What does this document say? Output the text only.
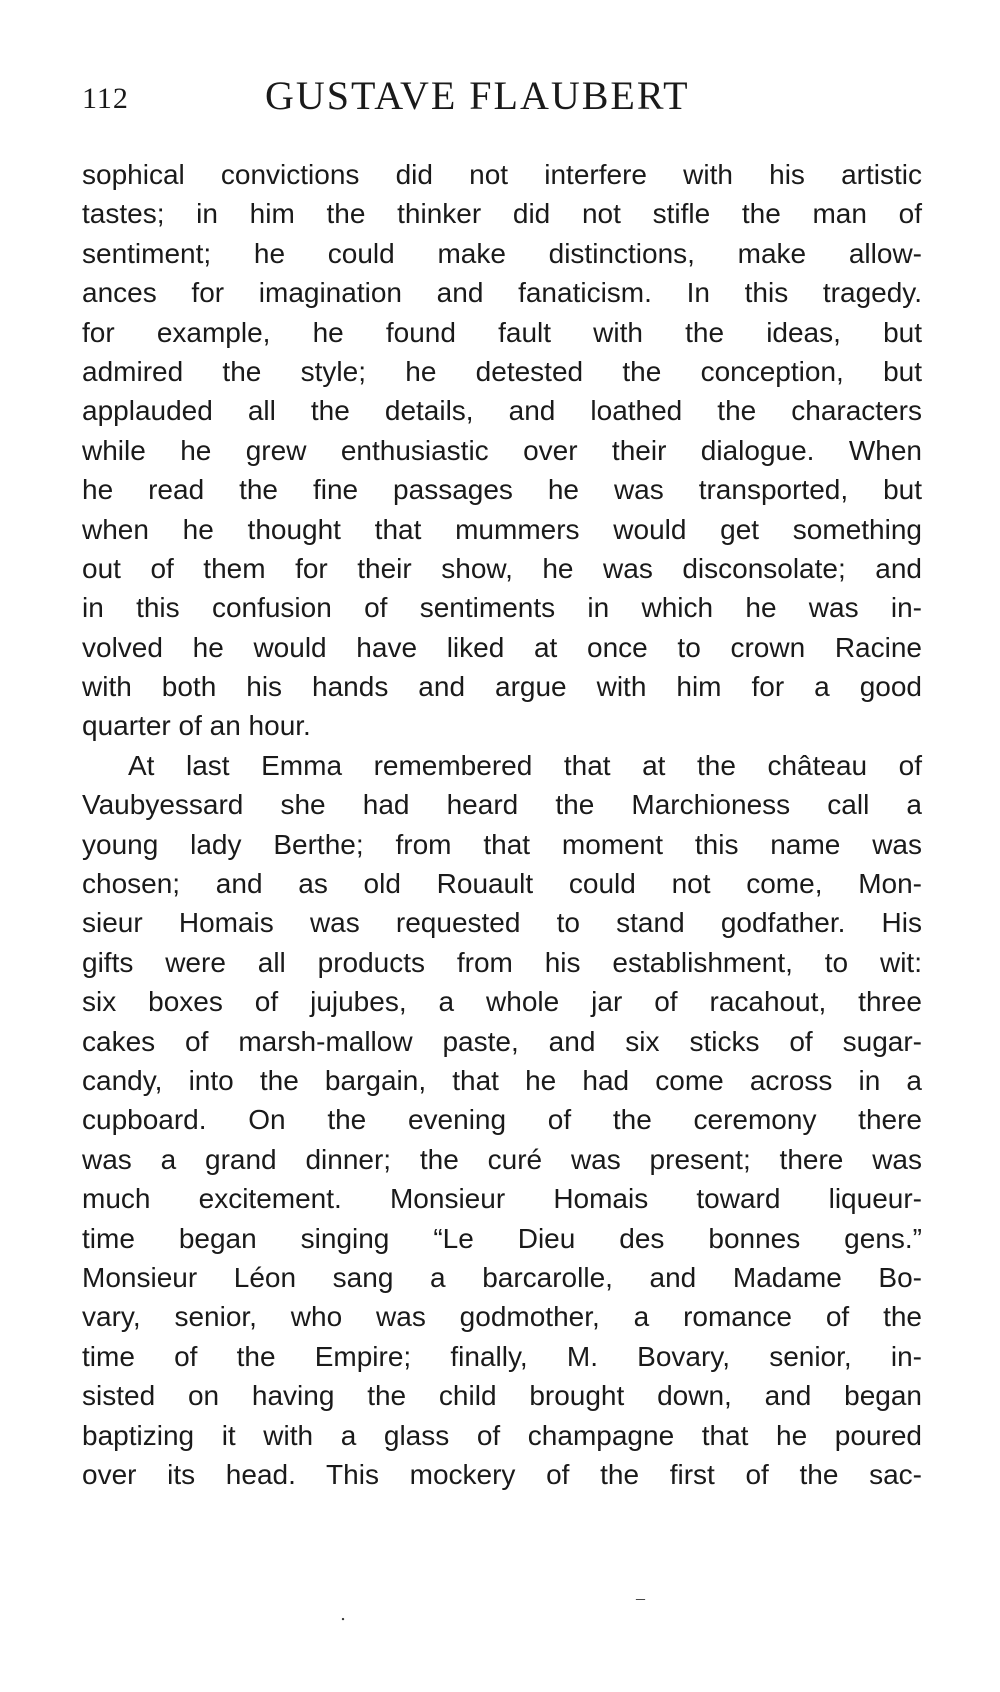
112	GUSTAVE FLAUBERT
sophical convictions did not interfere with his artistic
tastes; in him the thinker did not stifle the man of
sentiment; he could make distinctions, make allow-
ances for imagination and fanaticism. In this tragedy.
for example, he found fault with the ideas, but
admired the style; he detested the conception, but
applauded all the details, and loathed the characters
while he grew enthusiastic over their dialogue. When
he read the fine passages he was transported, but
when he thought that mummers would get something
out of them for their show, he was disconsolate; and
in this confusion of sentiments in which he was in-
volved he would have liked at once to crown Racine
with both his hands and argue with him for a good
quarter of an hour.
At last Emma remembered that at the château of
Vaubyessard she had heard the Marchioness call a
young lady Berthe; from that moment this name was
chosen; and as old Rouault could not come, Mon-
sieur Homais was requested to stand godfather. His
gifts were all products from his establishment, to wit:
six boxes of jujubes, a whole jar of racahout, three
cakes of marsh-mallow paste, and six sticks of sugar-
candy, into the bargain, that he had come across in a
cupboard. On the evening of the ceremony there
was a grand dinner; the curé was present; there was
much excitement. Monsieur Homais toward liqueur-
time began singing “Le Dieu des bonnes gens.”
Monsieur Léon sang a barcarolle, and Madame Bo-
vary, senior, who was godmother, a romance of the
time of the Empire; finally, M. Bovary, senior, in-
sisted on having the child brought down, and began
baptizing it with a glass of champagne that he poured
over its head. This mockery of the first of the sac-
․
–
